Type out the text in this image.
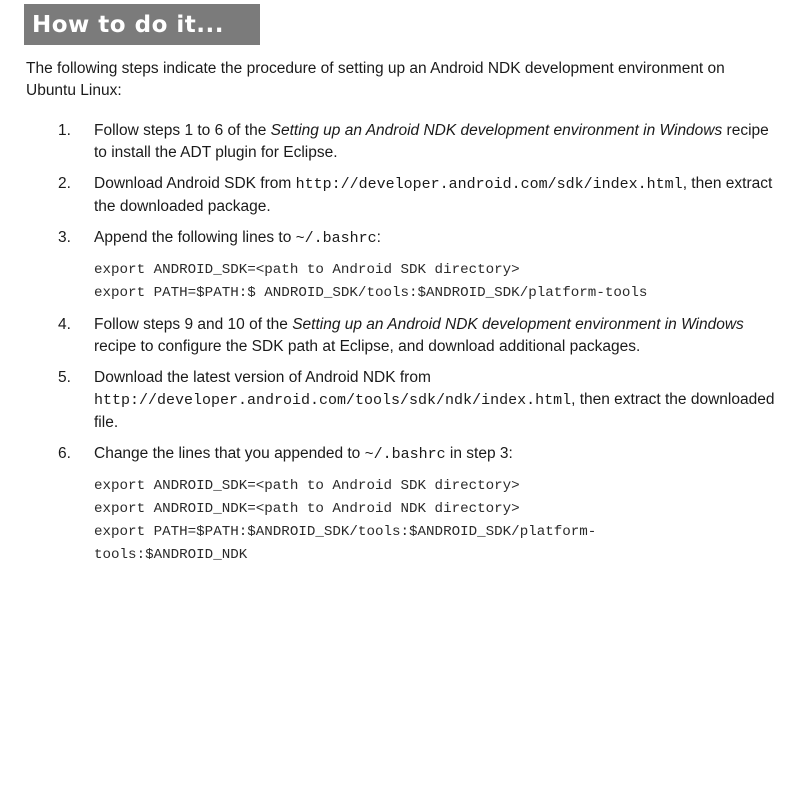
How to do it...

The following steps indicate the procedure of setting up an Android NDK development environment on Ubuntu Linux:

1.	Follow steps 1 to 6 of the Setting up an Android NDK development environment in Windows recipe to install the ADT plugin for Eclipse.
2.	Download Android SDK from http://developer.android.com/sdk/index.html, then extract the downloaded package.
3.	Append the following lines to ~/.bashrc:
export ANDROID_SDK=<path to Android SDK directory>
export PATH=$PATH:$ ANDROID_SDK/tools:$ANDROID_SDK/platform-tools
4.	Follow steps 9 and 10 of the Setting up an Android NDK development environment in Windows recipe to configure the SDK path at Eclipse, and download additional packages.
5.	Download the latest version of Android NDK from http://developer.android.com/tools/sdk/ndk/index.html, then extract the downloaded file.
6.	Change the lines that you appended to ~/.bashrc in step 3:
export ANDROID_SDK=<path to Android SDK directory>
export ANDROID_NDK=<path to Android NDK directory>
export PATH=$PATH:$ANDROID_SDK/tools:$ANDROID_SDK/platform-
tools:$ANDROID_NDK
